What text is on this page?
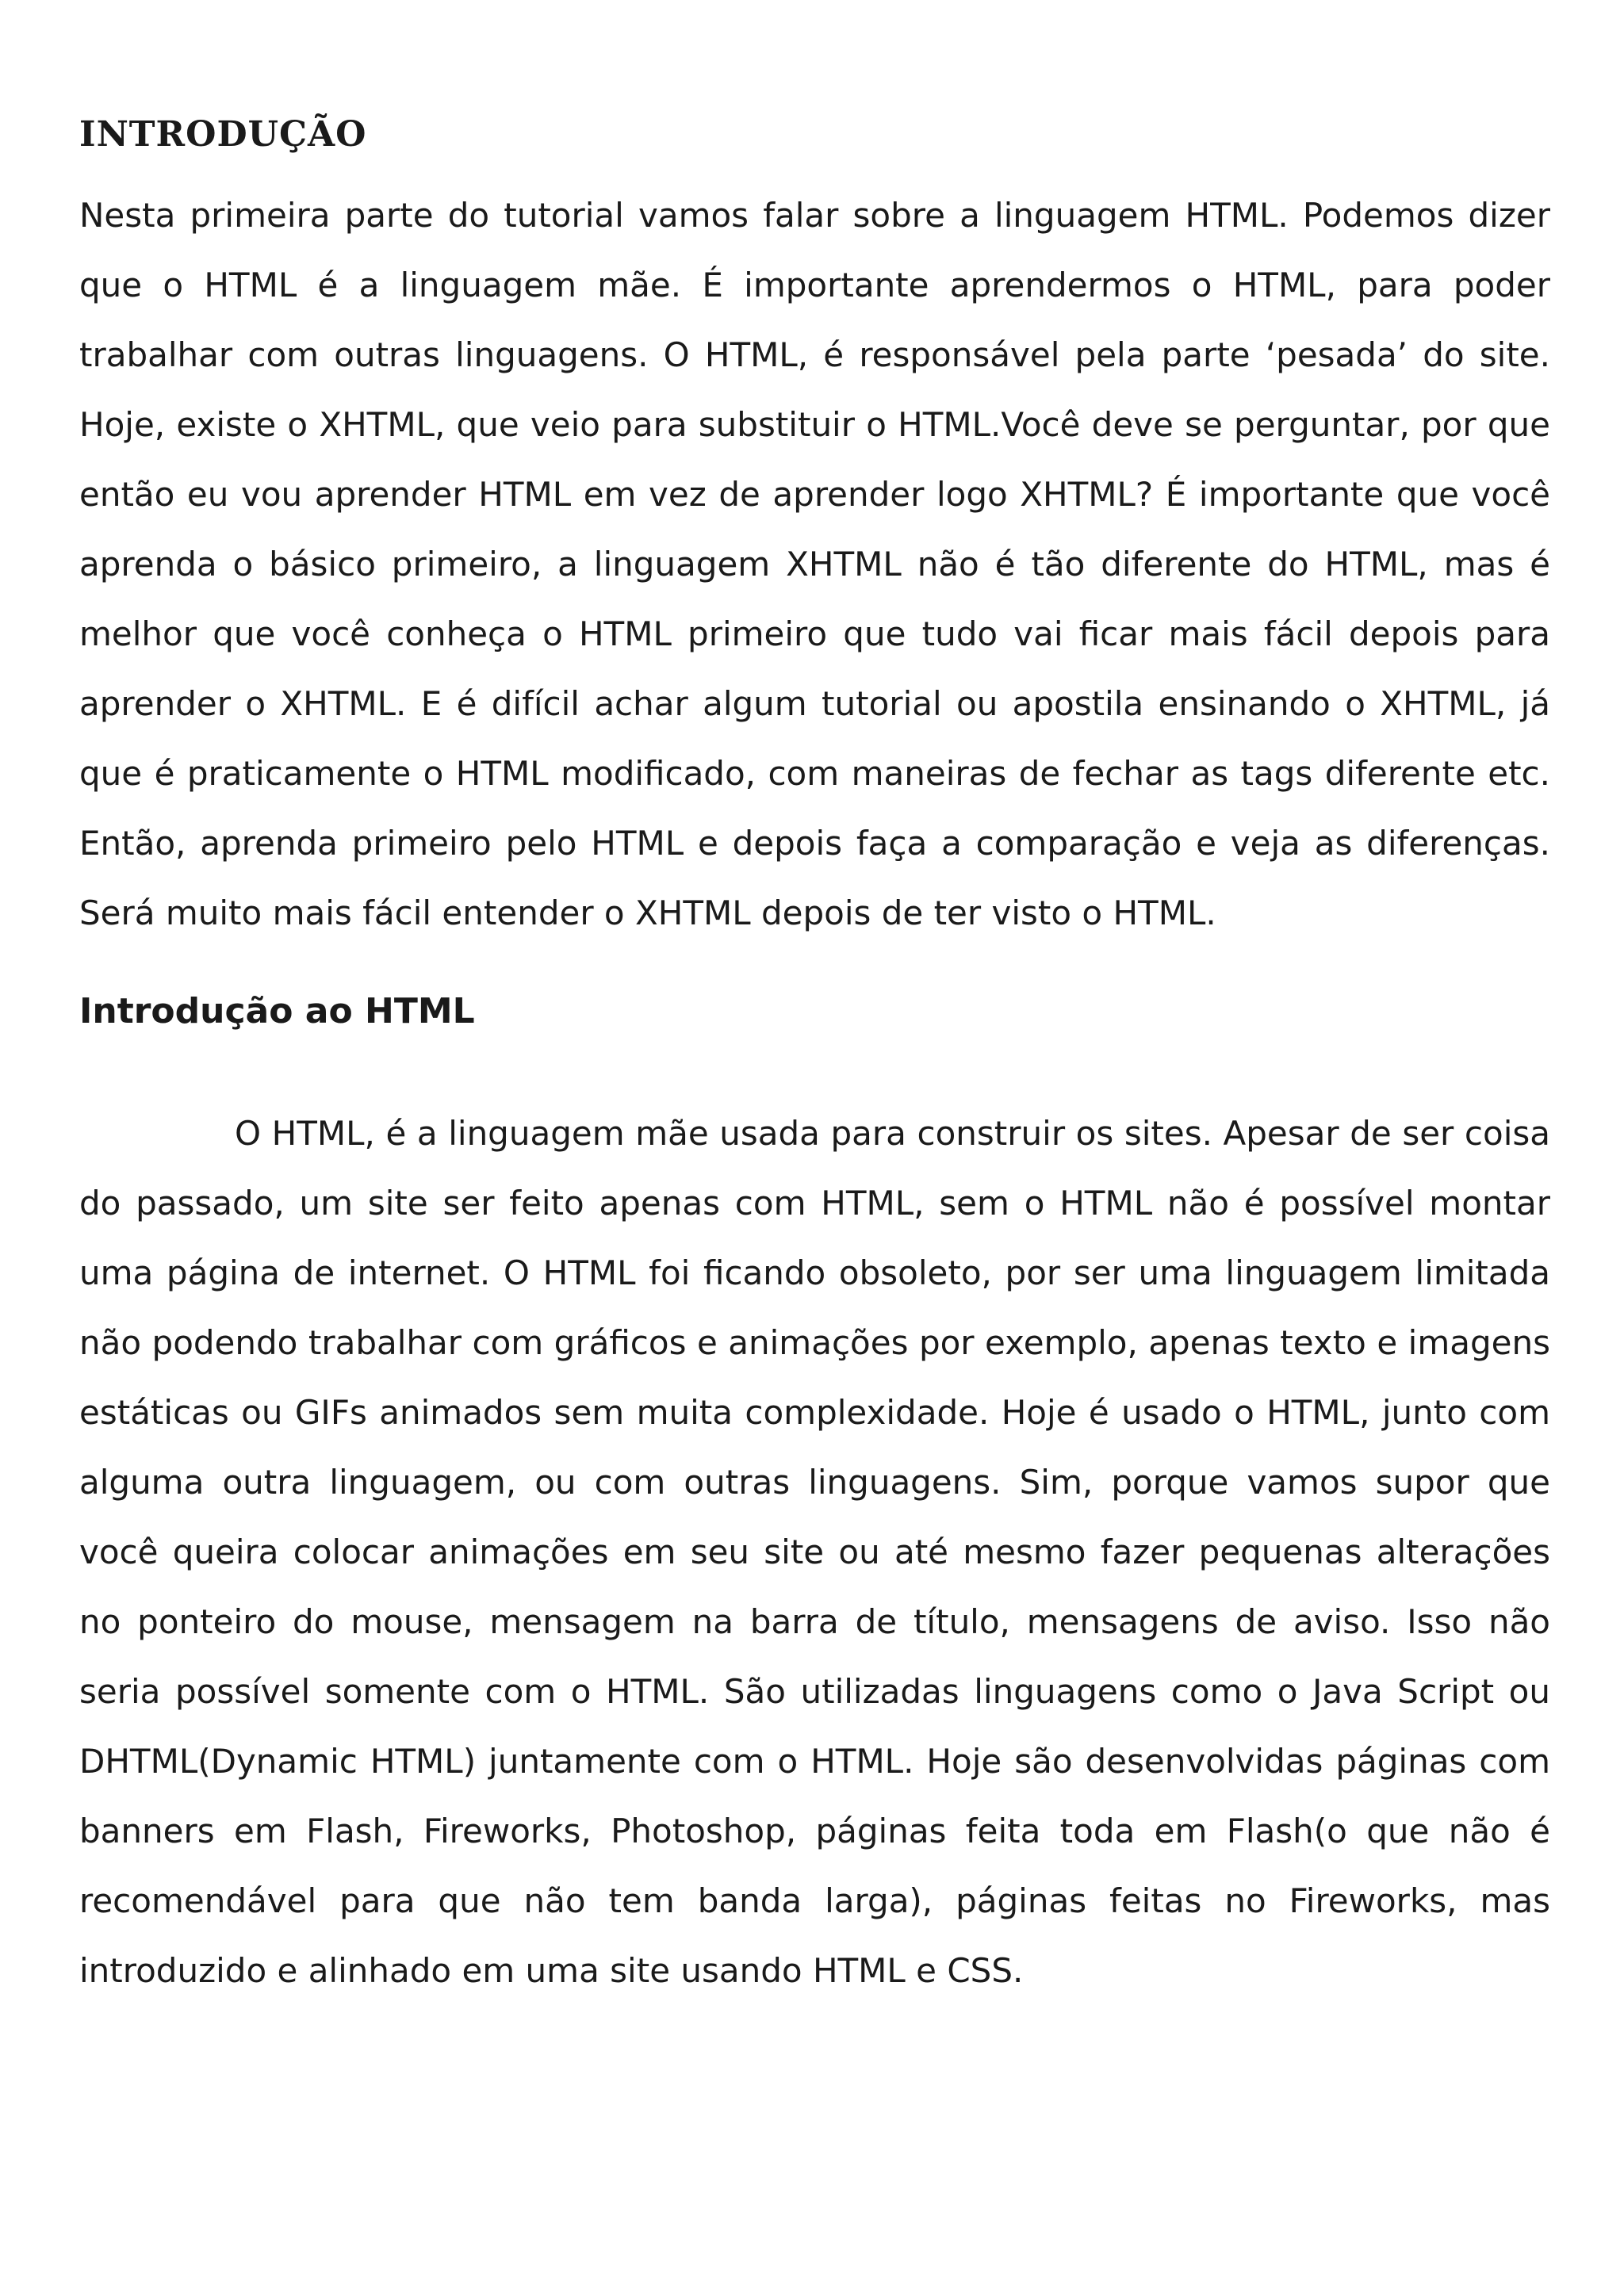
INTRODUÇÃO

Nesta primeira parte do tutorial vamos falar sobre a linguagem HTML. Podemos dizer que o HTML é a linguagem mãe. É importante aprendermos o HTML, para poder trabalhar com outras linguagens. O HTML, é responsável pela parte ‘pesada’ do site. Hoje, existe o XHTML, que veio para substituir o HTML.Você deve se perguntar, por que então eu vou aprender HTML em vez de aprender logo XHTML? É importante que você aprenda o básico primeiro, a linguagem XHTML não é tão diferente do HTML, mas é melhor que você conheça o HTML primeiro que tudo vai ficar mais fácil depois para aprender o XHTML. E é difícil achar algum tutorial ou apostila ensinando o XHTML, já que é praticamente o HTML modificado, com maneiras de fechar as tags diferente etc. Então, aprenda primeiro pelo HTML e depois faça a comparação e veja as diferenças. Será muito mais fácil entender o XHTML depois de ter visto o HTML.

Introdução ao HTML

O HTML, é a linguagem mãe usada para construir os sites. Apesar de ser coisa do passado, um site ser feito apenas com HTML, sem o HTML não é possível montar uma página de internet. O HTML foi ficando obsoleto, por ser uma linguagem limitada não podendo trabalhar com gráficos e animações por exemplo, apenas texto e imagens estáticas ou GIFs animados sem muita complexidade. Hoje é usado o HTML, junto com alguma outra linguagem, ou com outras linguagens. Sim, porque vamos supor que você queira colocar animações em seu site ou até mesmo fazer pequenas alterações no ponteiro do mouse, mensagem na barra de título, mensagens de aviso. Isso não seria possível somente com o HTML. São utilizadas linguagens como o Java Script ou DHTML(Dynamic HTML) juntamente com o HTML. Hoje são desenvolvidas páginas com banners em Flash, Fireworks, Photoshop, páginas feita toda em Flash(o que não é recomendável para que não tem banda larga), páginas feitas no Fireworks, mas introduzido e alinhado em uma site usando HTML e CSS.
